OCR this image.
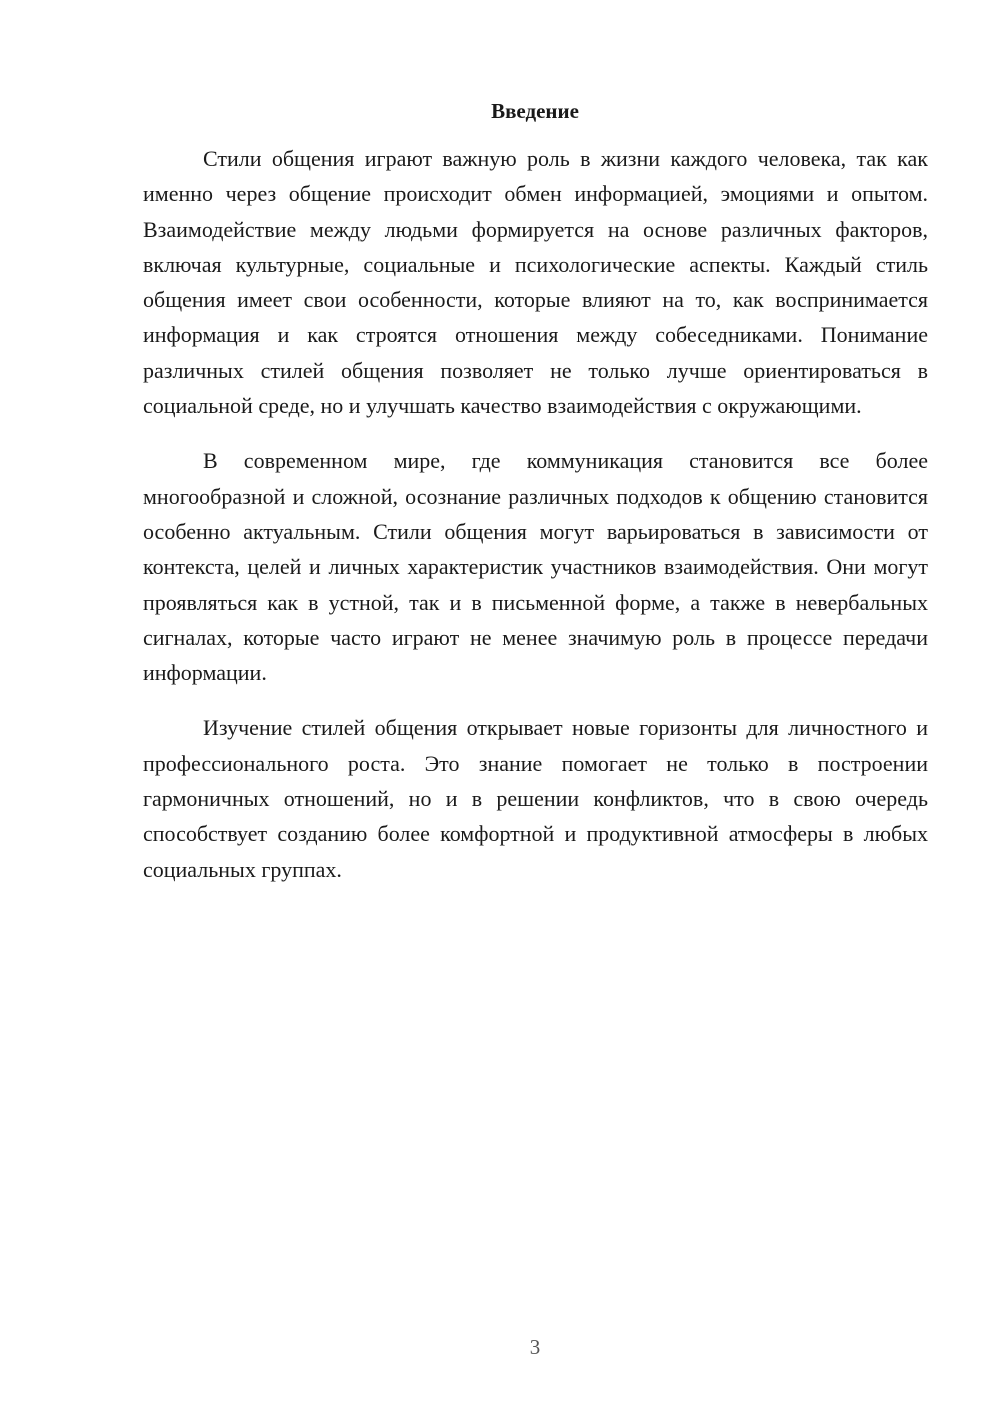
Введение

Стили общения играют важную роль в жизни каждого человека, так как именно через общение происходит обмен информацией, эмоциями и опытом. Взаимодействие между людьми формируется на основе различных факторов, включая культурные, социальные и психологические аспекты. Каждый стиль общения имеет свои особенности, которые влияют на то, как воспринимается информация и как строятся отношения между собеседниками. Понимание различных стилей общения позволяет не только лучше ориентироваться в социальной среде, но и улучшать качество взаимодействия с окружающими.

В современном мире, где коммуникация становится все более многообразной и сложной, осознание различных подходов к общению становится особенно актуальным. Стили общения могут варьироваться в зависимости от контекста, целей и личных характеристик участников взаимодействия. Они могут проявляться как в устной, так и в письменной форме, а также в невербальных сигналах, которые часто играют не менее значимую роль в процессе передачи информации.

Изучение стилей общения открывает новые горизонты для личностного и профессионального роста. Это знание помогает не только в построении гармоничных отношений, но и в решении конфликтов, что в свою очередь способствует созданию более комфортной и продуктивной атмосферы в любых социальных группах.

3
